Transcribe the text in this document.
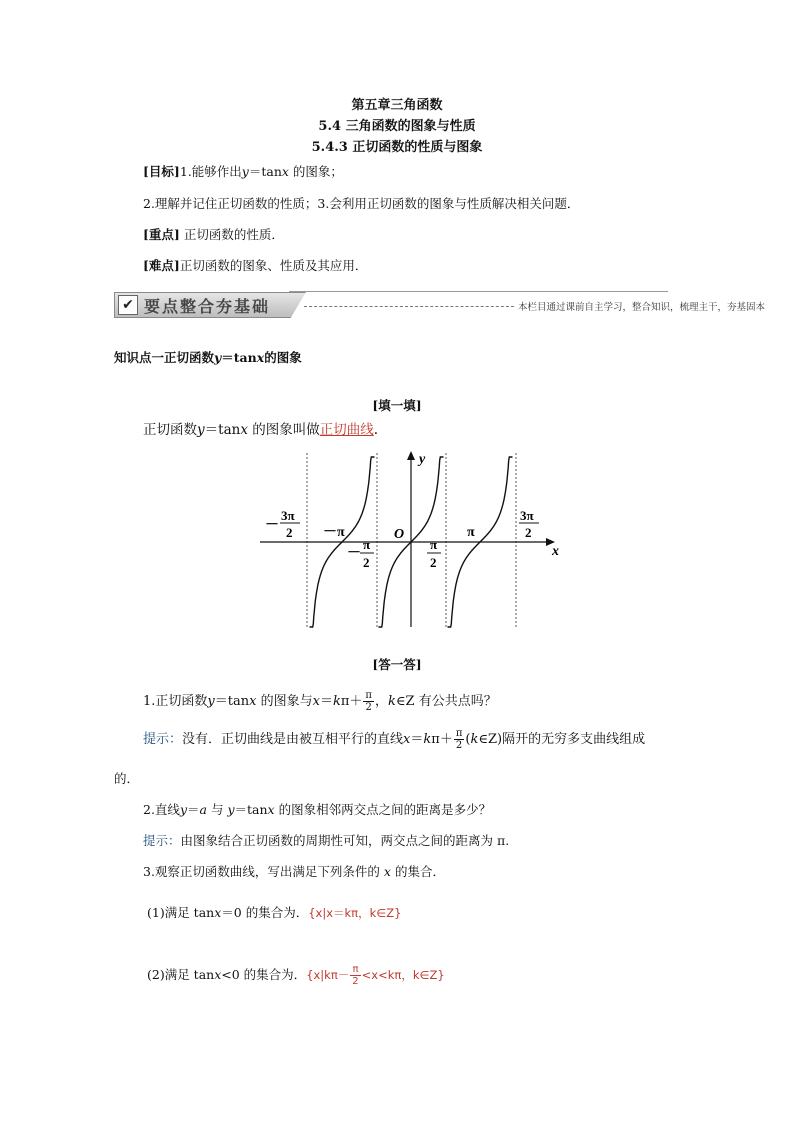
第五章三角函数
5.4 三角函数的图象与性质
5.4.3 正切函数的性质与图象
[目标]1.能够作出y＝tanx 的图象；
2.理解并记住正切函数的性质；3.会利用正切函数的图象与性质解决相关问题．
[重点] 正切函数的性质．
[难点]正切函数的图象、性质及其应用．
✔ 要点整合夯基础	本栏目通过课前自主学习，整合知识，梳理主干，夯基固本
知识点一正切函数y＝tanx的图象
[填一填]
正切函数y＝tanx 的图象叫做正切曲线.
x
y
O
－
3π
2 －π
－
π
2
π
2
π
3π
2
[答一答]
1.正切函数y＝tanx 的图象与$x=k\pi+ \frac{\pi}{2}$ ，k∈Z 有公共点吗？
提示：没有．正切曲线是由被互相平行的直线$x=k\pi+ \frac{\pi}{2}$ (k∈Z)隔开的无穷多支曲线组成
的．
2.直线y＝a 与 y＝tanx 的图象相邻两交点之间的距离是多少？
提示：由图象结合正切函数的周期性可知，两交点之间的距离为 π.
3.观察正切函数曲线，写出满足下列条件的 x 的集合．
(1)满足 tanx＝0 的集合为．{x|x＝kπ，k∈Z}
(2)满足 tanx<0 的集合为．{$x|k\pi- \frac{\pi}{2} <x<k\pi$，k∈Z}
